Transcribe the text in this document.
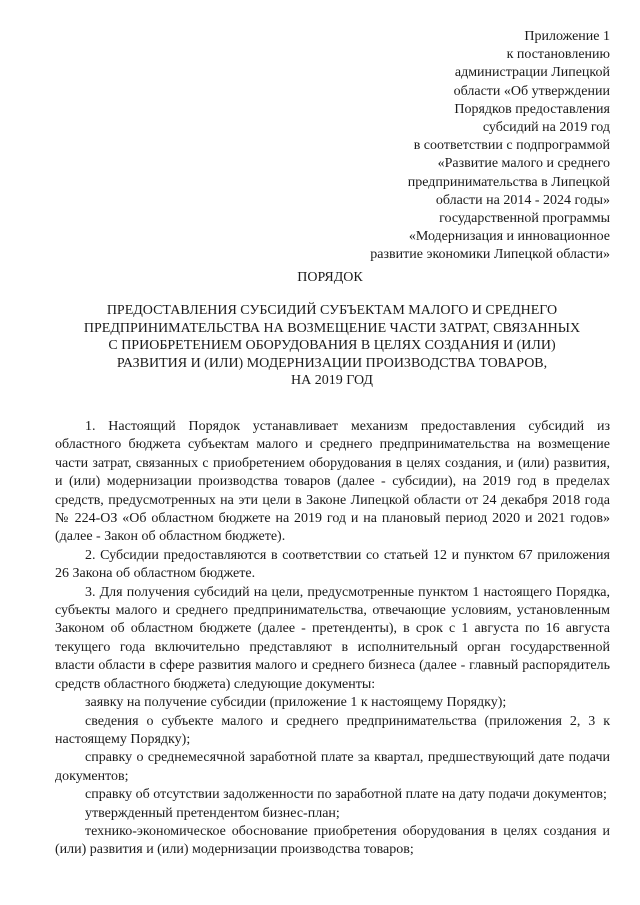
Приложение 1
к постановлению
администрации Липецкой
области «Об утверждении
Порядков предоставления
субсидий на 2019 год
в соответствии с подпрограммой
«Развитие малого и среднего
предпринимательства в Липецкой
области на 2014 - 2024 годы»
государственной программы
«Модернизация и инновационное
развитие экономики Липецкой области»
ПОРЯДОК
ПРЕДОСТАВЛЕНИЯ СУБСИДИЙ СУБЪЕКТАМ МАЛОГО И СРЕДНЕГО
ПРЕДПРИНИМАТЕЛЬСТВА НА ВОЗМЕЩЕНИЕ ЧАСТИ ЗАТРАТ, СВЯЗАННЫХ
С ПРИОБРЕТЕНИЕМ ОБОРУДОВАНИЯ В ЦЕЛЯХ СОЗДАНИЯ И (ИЛИ)
РАЗВИТИЯ И (ИЛИ) МОДЕРНИЗАЦИИ ПРОИЗВОДСТВА ТОВАРОВ,
НА 2019 ГОД

1. Настоящий Порядок устанавливает механизм предоставления субсидий из областного бюджета субъектам малого и среднего предпринимательства на возмещение части затрат, связанных с приобретением оборудования в целях создания, и (или) развития, и (или) модернизации производства товаров (далее - субсидии), на 2019 год в пределах средств, предусмотренных на эти цели в Законе Липецкой области от 24 декабря 2018 года № 224-ОЗ «Об областном бюджете на 2019 год и на плановый период 2020 и 2021 годов» (далее - Закон об областном бюджете).

2. Субсидии предоставляются в соответствии со статьей 12 и пунктом 67 приложения 26 Закона об областном бюджете.

3. Для получения субсидий на цели, предусмотренные пунктом 1 настоящего Порядка, субъекты малого и среднего предпринимательства, отвечающие условиям, установленным Законом об областном бюджете (далее - претенденты), в срок с 1 августа по 16 августа текущего года включительно представляют в исполнительный орган государственной власти области в сфере развития малого и среднего бизнеса (далее - главный распорядитель средств областного бюджета) следующие документы:

заявку на получение субсидии (приложение 1 к настоящему Порядку);

сведения о субъекте малого и среднего предпринимательства (приложения 2, 3 к настоящему Порядку);

справку о среднемесячной заработной плате за квартал, предшествующий дате подачи документов;

справку об отсутствии задолженности по заработной плате на дату подачи документов;

утвержденный претендентом бизнес-план;

технико-экономическое обоснование приобретения оборудования в целях создания и (или) развития и (или) модернизации производства товаров;
